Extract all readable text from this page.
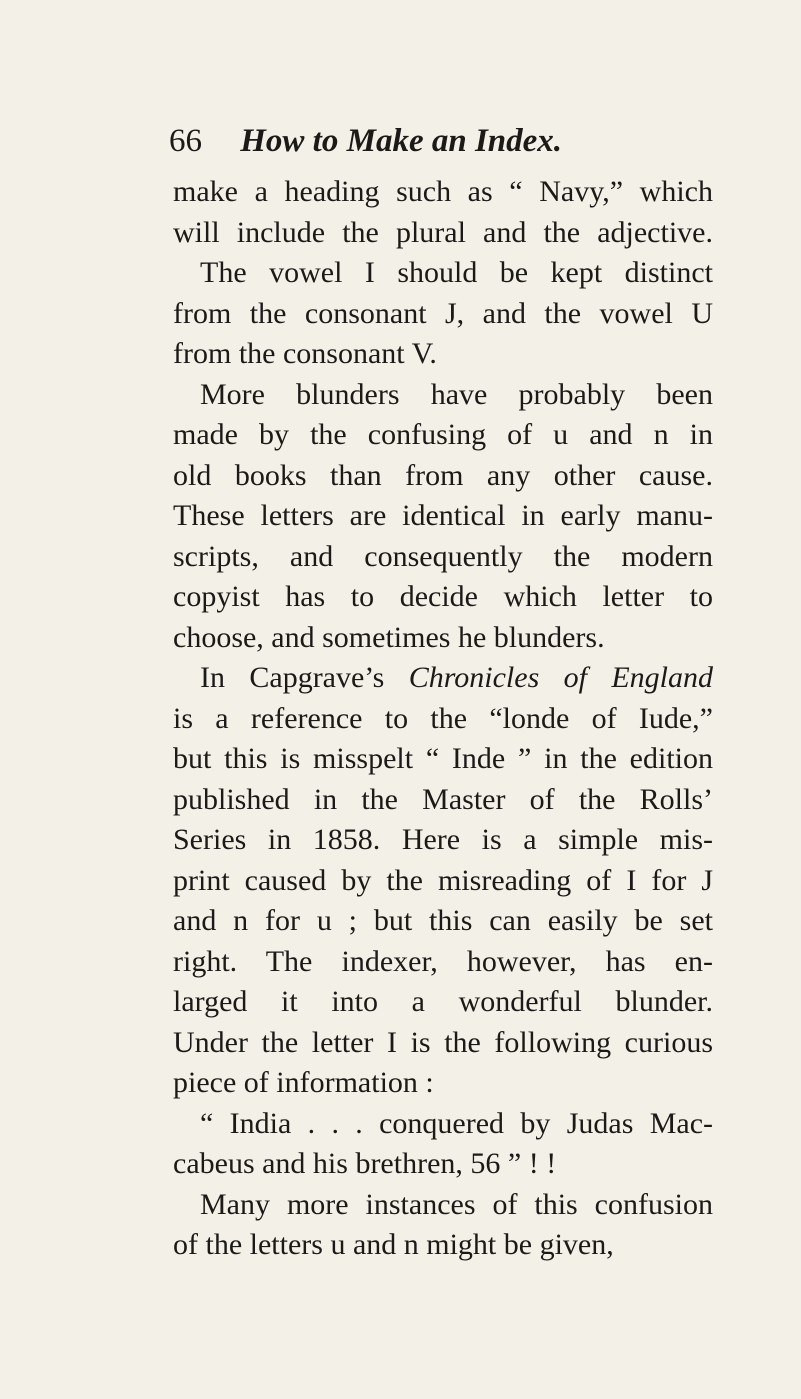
66 How to Make an Index.
make a heading such as “ Navy,” which
will include the plural and the adjective.
The vowel I should be kept distinct
from the consonant J, and the vowel U
from the consonant V.
More blunders have probably been
made by the confusing of u and n in
old books than from any other cause.
These letters are identical in early manu-
scripts, and consequently the modern
copyist has to decide which letter to
choose, and sometimes he blunders.
In Capgrave’s Chronicles of England
is a reference to the “londe of Iude,”
but this is misspelt “ Inde ” in the edition
published in the Master of the Rolls’
Series in 1858. Here is a simple mis-
print caused by the misreading of I for J
and n for u ; but this can easily be set
right. The indexer, however, has en-
larged it into a wonderful blunder.
Under the letter I is the following curious
piece of information :
“ India . . . conquered by Judas Mac-
cabeus and his brethren, 56 ” ! !
Many more instances of this confusion
of the letters u and n might be given,
